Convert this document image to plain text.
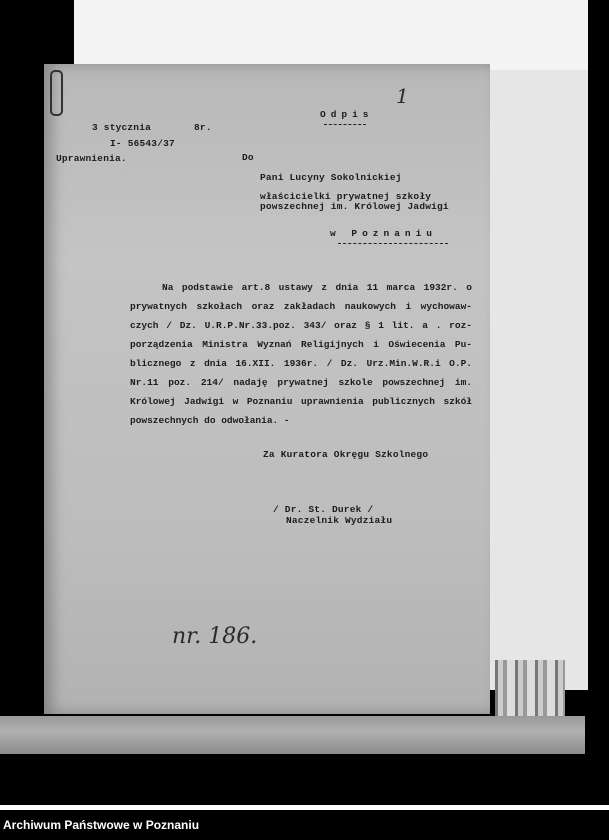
Odpis
1
3 stycznia	8r.
I- 56543/37
Uprawnienia.	Do
Pani Lucyny Sokolnickiej
właścicielki prywatnej szkoły
powszechnej im. Królowej Jadwigi
w Poznaniu
Na podstawie art.8 ustawy z dnia 11 marca 1932r. o
prywatnych szkołach oraz zakładach naukowych i wychowaw-
czych / Dz. U.R.P.Nr.33.poz. 343/ oraz § 1 lit. a . roz-
porządzenia Ministra Wyznań Religijnych i Oświecenia Pu-
blicznego z dnia 16.XII. 1936r. / Dz. Urz.Min.W.R.i O.P.
Nr.11 poz. 214/ nadaję prywatnej szkole powszechnej im.
Królowej Jadwigi w Poznaniu uprawnienia publicznych szkół
powszechnych do odwołania. -
Za Kuratora Okręgu Szkolnego
/ Dr. St. Durek /
Naczelnik Wydziału
nr. 186.
Archiwum Państwowe w Poznaniu
